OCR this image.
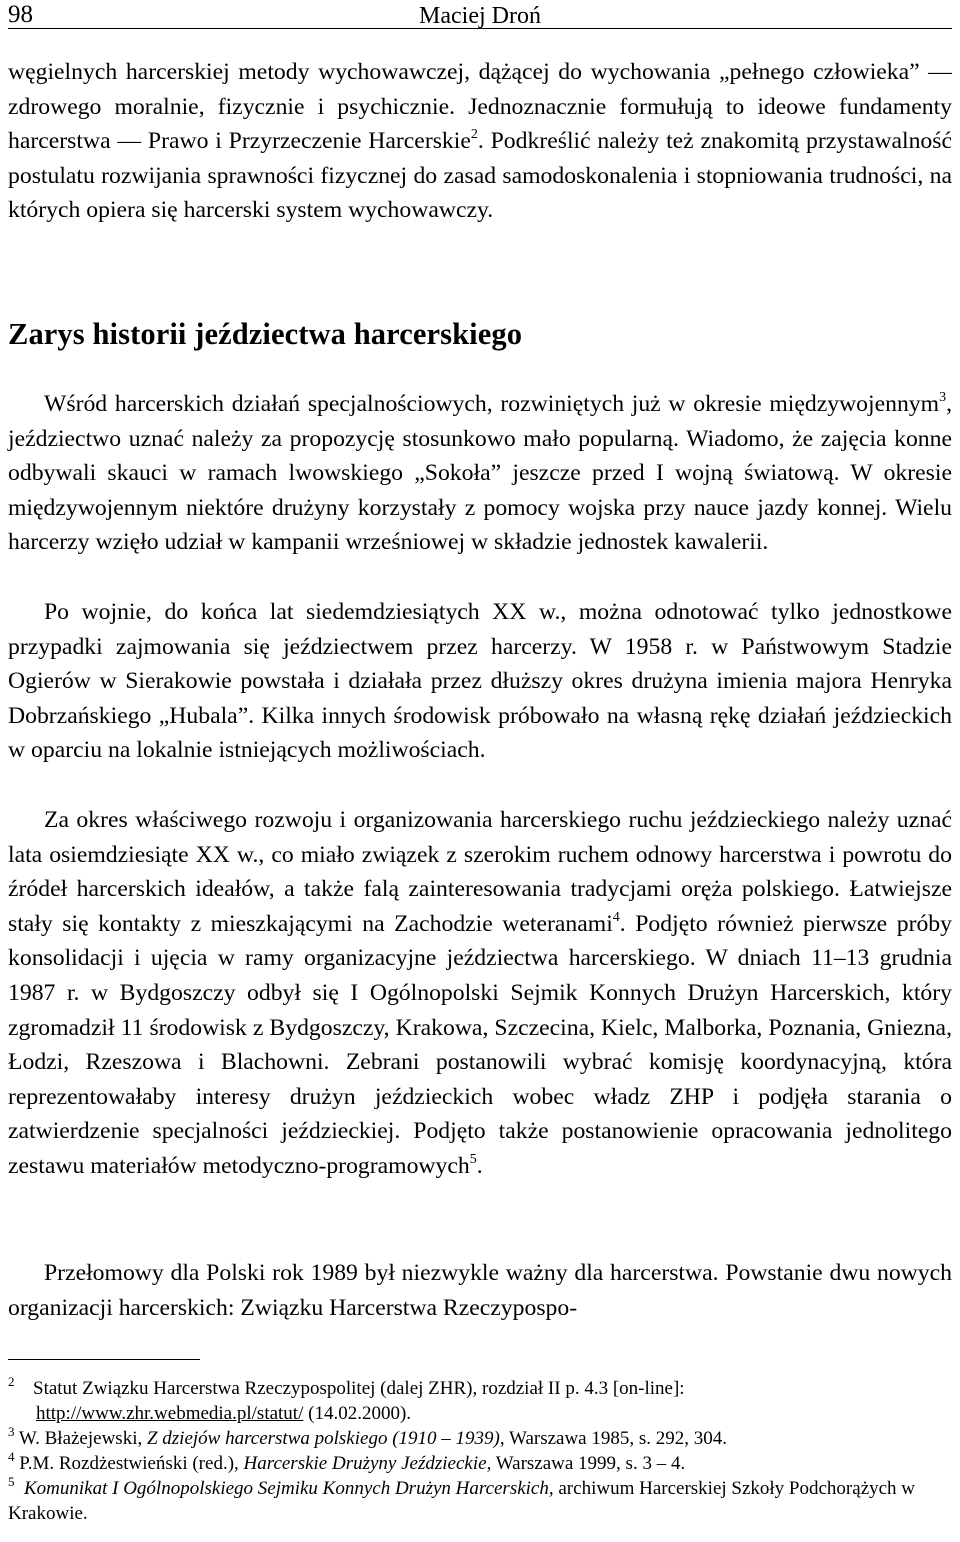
98	Maciej Droń

węgielnych harcerskiej metody wychowawczej, dążącej do wychowania „pełnego człowieka” — zdrowego moralnie, fizycznie i psychicznie. Jednoznacznie formułują to ideowe fundamenty harcerstwa — Prawo i Przyrzeczenie Harcerskie$^2$. Podkreślić należy też znakomitą przystawalność postulatu rozwijania sprawności fizycznej do zasad samodoskonalenia i stopniowania trudności, na których opiera się harcerski system wychowawczy.

Zarys historii jeździectwa harcerskiego

Wśród harcerskich działań specjalnościowych, rozwiniętych już w okresie międzywojennym$^3$, jeździectwo uznać należy za propozycję stosunkowo mało popularną. Wiadomo, że zajęcia konne odbywali skauci w ramach lwowskiego „Sokoła” jeszcze przed I wojną światową. W okresie międzywojennym niektóre drużyny korzystały z pomocy wojska przy nauce jazdy konnej. Wielu harcerzy wzięło udział w kampanii wrześniowej w składzie jednostek kawalerii.

Po wojnie, do końca lat siedemdziesiątych XX w., można odnotować tylko jednostkowe przypadki zajmowania się jeździectwem przez harcerzy. W 1958 r. w Państwowym Stadzie Ogierów w Sierakowie powstała i działała przez dłuższy okres drużyna imienia majora Henryka Dobrzańskiego „Hubala”. Kilka innych środowisk próbowało na własną rękę działań jeździeckich w oparciu na lokalnie istniejących możliwościach.

Za okres właściwego rozwoju i organizowania harcerskiego ruchu jeździeckiego należy uznać lata osiemdziesiąte XX w., co miało związek z szerokim ruchem odnowy harcerstwa i powrotu do źródeł harcerskich ideałów, a także falą zainteresowania tradycjami oręża polskiego. Łatwiejsze stały się kontakty z mieszkającymi na Zachodzie weteranami$^4$. Podjęto również pierwsze próby konsolidacji i ujęcia w ramy organizacyjne jeździectwa harcerskiego. W dniach 11–13 grudnia 1987 r. w Bydgoszczy odbył się I Ogólnopolski Sejmik Konnych Drużyn Harcerskich, który zgromadził 11 środowisk z Bydgoszczy, Krakowa, Szczecina, Kielc, Malborka, Poznania, Gniezna, Łodzi, Rzeszowa i Blachowni. Zebrani postanowili wybrać komisję koordynacyjną, która reprezentowałaby interesy drużyn jeździeckich wobec władz ZHP i podjęła starania o zatwierdzenie specjalności jeździeckiej. Podjęto także postanowienie opracowania jednolitego zestawu materiałów metodyczno-programowych$^5$.

Przełomowy dla Polski rok 1989 był niezwykle ważny dla harcerstwa. Powstanie dwu nowych organizacji harcerskich: Związku Harcerstwa Rzeczypospo-

$^2$ Statut Związku Harcerstwa Rzeczypospolitej (dalej ZHR), rozdział II p. 4.3 [on-line]:
http://www.zhr.webmedia.pl/statut/ (14.02.2000).

$^3$ W. Błażejewski, Z dziejów harcerstwa polskiego (1910 – 1939), Warszawa 1985, s. 292, 304.

$^4$ P.M. Rozdżestwieński (red.), Harcerskie Drużyny Jeździeckie, Warszawa 1999, s. 3 – 4.

$^5$ Komunikat I Ogólnopolskiego Sejmiku Konnych Drużyn Harcerskich, archiwum Harcerskiej Szkoły Podchorążych w Krakowie.
